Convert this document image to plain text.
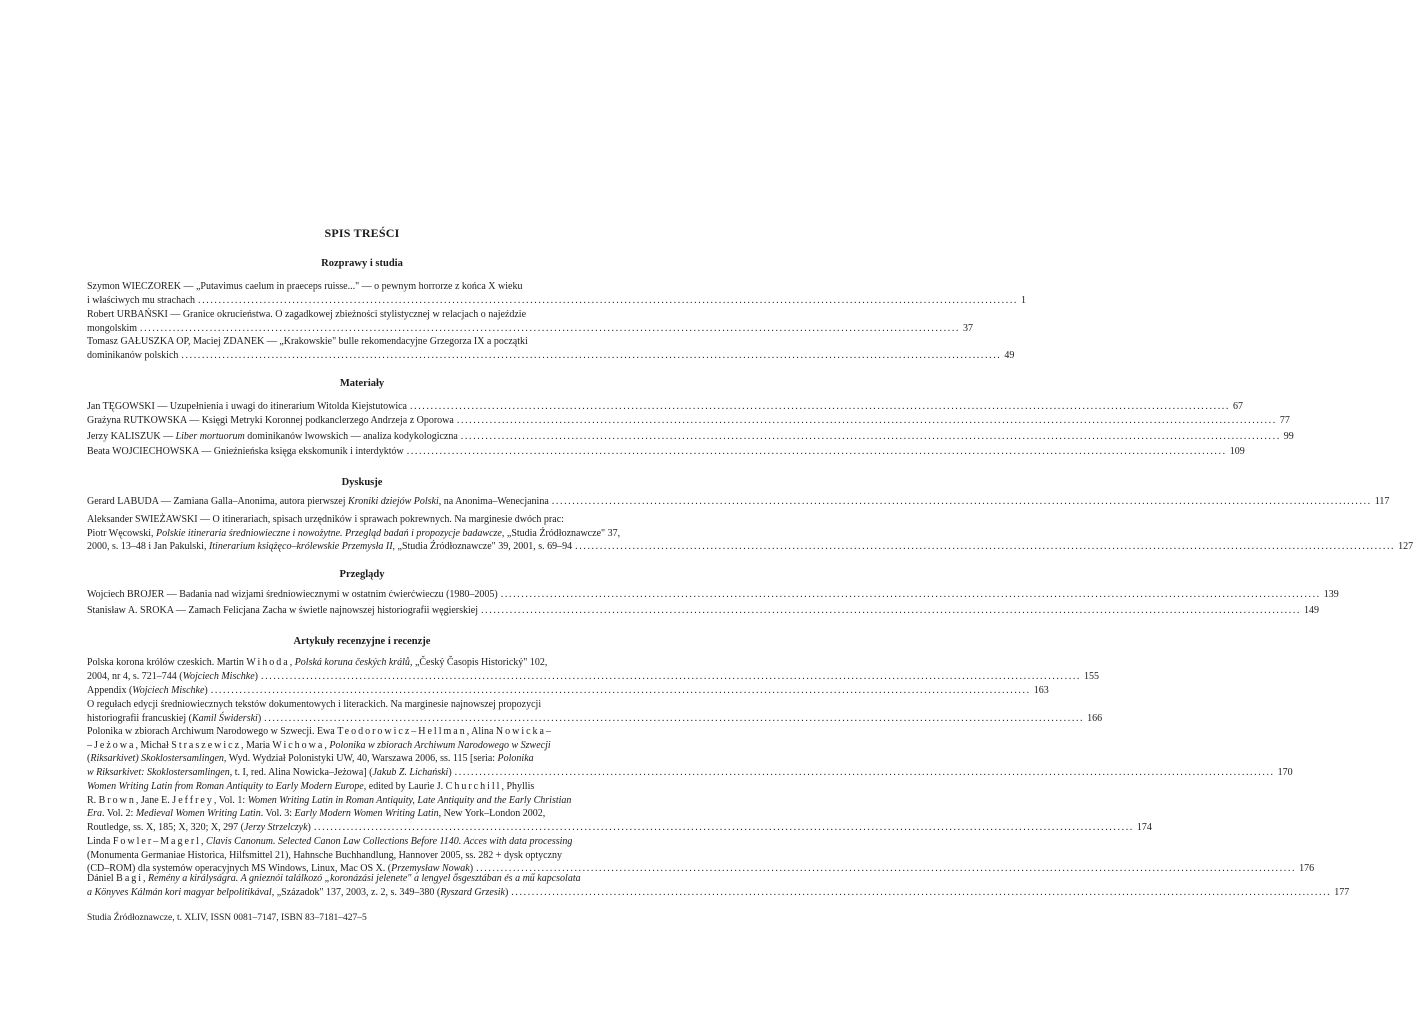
SPIS TREŚCI
Rozprawy i studia
Szymon WIECZOREK — „Putavimus caelum in praeceps ruisse..." — o pewnym horrorze z końca X wieku
i właściwych mu strachach ........................................................................................................................................................................................................ 1
Robert URBAŃSKI — Granice okrucieństwa. O zagadkowej zbieżności stylistycznej w relacjach o najeździe
mongolskim ........................................................................................................................................................................................................ 37
Tomasz GAŁUSZKA OP, Maciej ZDANEK — „Krakowskie" bulle rekomendacyjne Grzegorza IX a początki
dominikanów polskich ........................................................................................................................................................................................................ 49
Materiały
Jan TĘGOWSKI — Uzupełnienia i uwagi do itinerarium Witolda Kiejstutowica ........................................................................................................................................................................................................ 67
Grażyna RUTKOWSKA — Księgi Metryki Koronnej podkanclerzego Andrzeja z Oporowa ........................................................................................................................................................................................................ 77
Jerzy KALISZUK — Liber mortuorum dominikanów lwowskich — analiza kodykologiczna ........................................................................................................................................................................................................ 99
Beata WOJCIECHOWSKA — Gnieźnieńska księga ekskomunik i interdyktów ........................................................................................................................................................................................................ 109
Dyskusje
Gerard LABUDA — Zamiana Galla–Anonima, autora pierwszej Kroniki dziejów Polski, na Anonima–Wenecjanina ........................................................................................................................................................................................................ 117
Aleksander SWIEŻAWSKI — O itinerariach, spisach urzędników i sprawach pokrewnych. Na marginesie dwóch prac:
Piotr Węcowski, Polskie itineraria średniowieczne i nowożytne. Przegląd badań i propozycje badawcze, „Studia Źródłoznawcze" 37,
2000, s. 13–48 i Jan Pakulski, Itinerarium książęco–królewskie Przemysła II, „Studia Źródłoznawcze" 39, 2001, s. 69–94 ........................................................................................................................................................................................................ 127
Przeglądy
Wojciech BROJER — Badania nad wizjami średniowiecznymi w ostatnim ćwierćwieczu (1980–2005) ........................................................................................................................................................................................................ 139
Stanisław A. SROKA — Zamach Felicjana Zacha w świetle najnowszej historiografii węgierskiej ........................................................................................................................................................................................................ 149
Artykuły recenzyjne i recenzje
Polska korona królów czeskich. Martin Wihoda, Polská koruna českých králů, „Český Časopis Historický" 102,
2004, nr 4, s. 721–744 (Wojciech Mischke) ........................................................................................................................................................................................................ 155
Appendix (Wojciech Mischke) ........................................................................................................................................................................................................ 163
O regułach edycji średniowiecznych tekstów dokumentowych i literackich. Na marginesie najnowszej propozycji
historiografii francuskiej (Kamil Świderski) ........................................................................................................................................................................................................ 166
Polonika w zbiorach Archiwum Narodowego w Szwecji. Ewa Teodorowicz–Hellman, Alina Nowicka–
–Jeżowa, Michał Straszewicz, Maria Wichowa, Polonika w zbiorach Archiwum Narodowego w Szwecji
(Riksarkivet) Skoklostersamlingen, Wyd. Wydział Polonistyki UW, 40, Warszawa 2006, ss. 115 [seria: Polonika
w Riksarkivet: Skoklostersamlingen, t. I, red. Alina Nowicka–Jeżowa] (Jakub Z. Lichański) ........................................................................................................................................................................................................ 170
Women Writing Latin from Roman Antiquity to Early Modern Europe, edited by Laurie J. Churchill, Phyllis
R. Brown, Jane E. Jeffrey, Vol. 1: Women Writing Latin in Roman Antiquity, Late Antiquity and the Early Christian
Era. Vol. 2: Medieval Women Writing Latin. Vol. 3: Early Modern Women Writing Latin, New York–London 2002,
Routledge, ss. X, 185; X, 320; X, 297 (Jerzy Strzelczyk) ........................................................................................................................................................................................................ 174
Linda Fowler–Magerl, Clavis Canonum. Selected Canon Law Collections Before 1140. Acces with data processing
(Monumenta Germaniae Historica, Hilfsmittel 21), Hahnsche Buchhandlung, Hannover 2005, ss. 282 + dysk optyczny
(CD–ROM) dla systemów operacyjnych MS Windows, Linux, Mac OS X. (Przemysław Nowak) ........................................................................................................................................................................................................ 176
Dániel Bagi, Remény a királyságra. A gnieznói találkozó „koronázási jelenete" a lengyel ősgesztában és a mű kapcsolata
a Könyves Kálmán kori magyar belpolitikával, „Századok" 137, 2003, z. 2, s. 349–380 (Ryszard Grzesik) ........................................................................................................................................................................................................ 177
Studia Źródłoznawcze, t. XLIV, ISSN 0081–7147, ISBN 83–7181–427–5
